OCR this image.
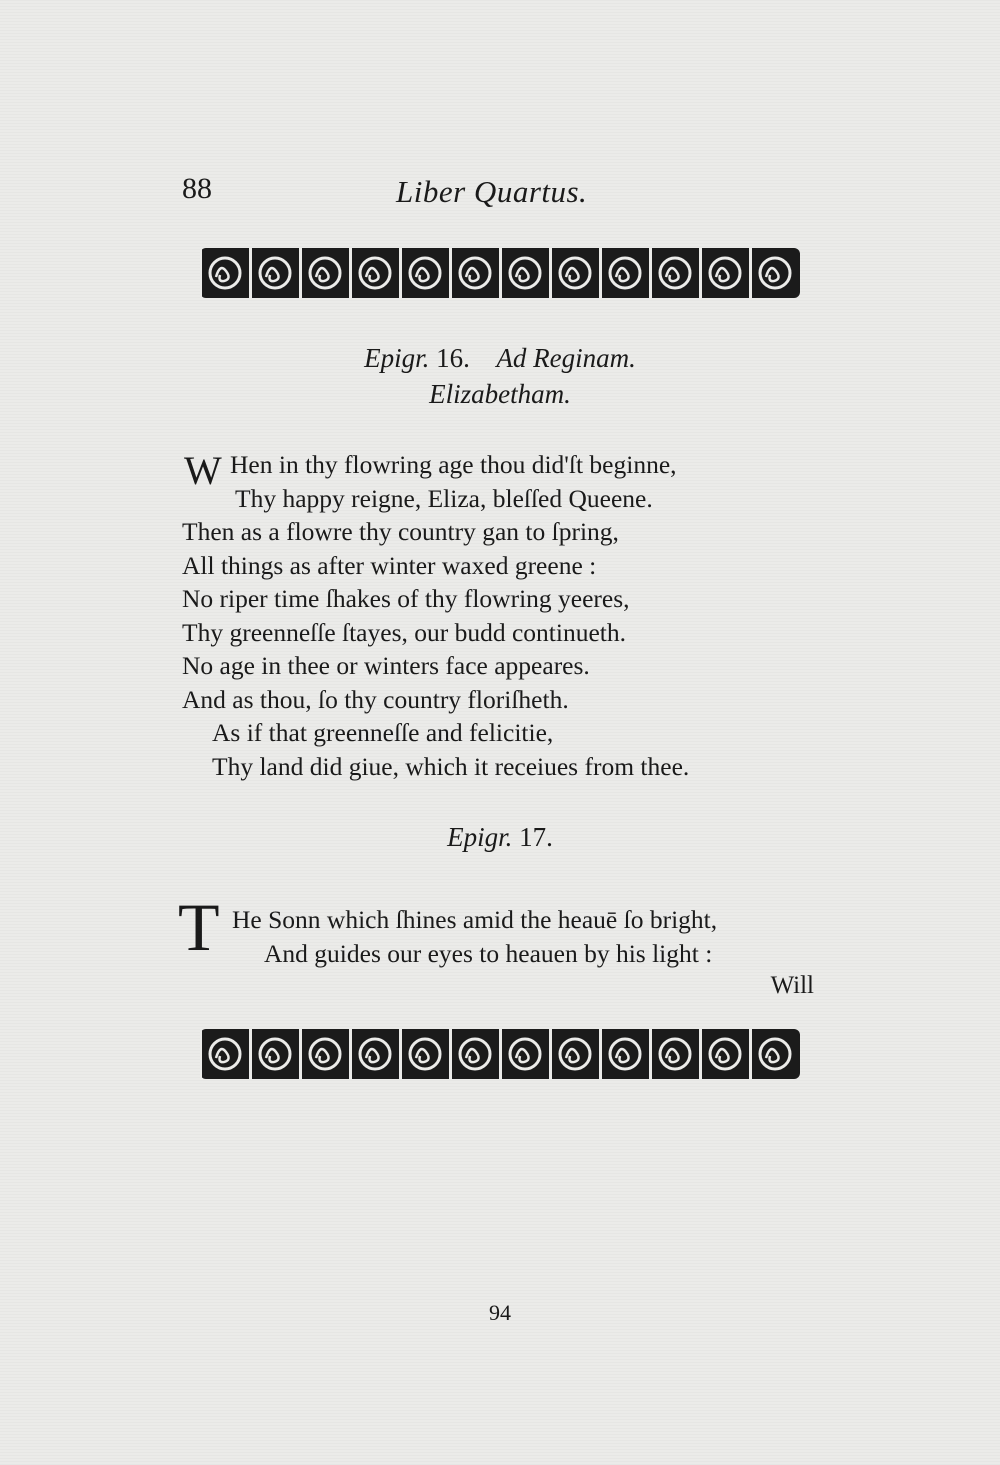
88	Liber Quartus.
Epigr. 16. Ad Reginam.
Elizabetham.
W Hen in thy flowring age thou did'ſt beginne,
Thy happy reigne, Eliza, bleſſed Queene.
Then as a flowre thy country gan to ſpring,
All things as after winter waxed greene :
No riper time ſhakes of thy flowring yeeres,
Thy greenneſſe ſtayes, our budd continueth.
No age in thee or winters face appeares.
And as thou, ſo thy country floriſheth.
As if that greenneſſe and felicitie,
Thy land did giue, which it receiues from thee.
Epigr. 17.
T He Sonn which ſhines amid the heauē ſo bright,
And guides our eyes to heauen by his light :
Will
94
